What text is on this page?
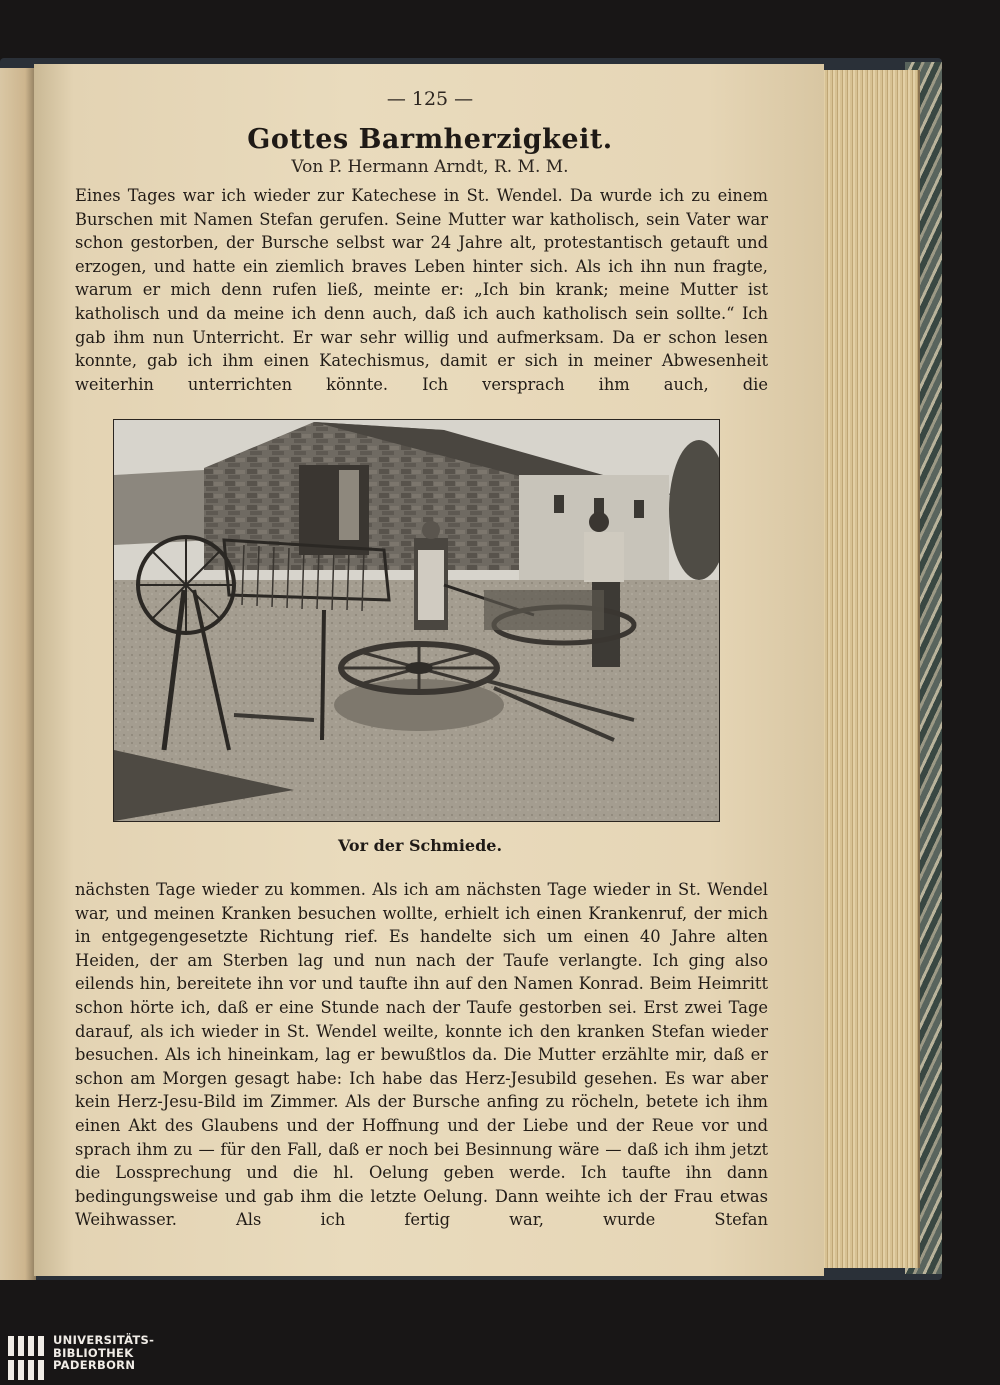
— 125 —
Gottes Barmherzigkeit.
Von P. Hermann Arndt, R. M. M.

Eines Tages war ich wieder zur Katechese in St. Wendel. Da wurde ich zu einem Burschen mit Namen Stefan gerufen. Seine Mutter war katholisch, sein Vater war schon gestorben, der Bursche selbst war 24 Jahre alt, protestantisch getauft und erzogen, und hatte ein ziemlich braves Leben hinter sich. Als ich ihn nun fragte, warum er mich denn rufen ließ, meinte er: „Ich bin krank; meine Mutter ist katholisch und da meine ich denn auch, daß ich auch katholisch sein sollte.“ Ich gab ihm nun Unterricht. Er war sehr willig und aufmerksam. Da er schon lesen konnte, gab ich ihm einen Katechismus, damit er sich in meiner Abwesenheit weiterhin unterrichten könnte. Ich versprach ihm auch, die

Vor der Schmiede.

nächsten Tage wieder zu kommen. Als ich am nächsten Tage wieder in St. Wendel war, und meinen Kranken besuchen wollte, erhielt ich einen Krankenruf, der mich in entgegengesetzte Richtung rief. Es handelte sich um einen 40 Jahre alten Heiden, der am Sterben lag und nun nach der Taufe verlangte. Ich ging also eilends hin, bereitete ihn vor und taufte ihn auf den Namen Konrad. Beim Heimritt schon hörte ich, daß er eine Stunde nach der Taufe gestorben sei. Erst zwei Tage darauf, als ich wieder in St. Wendel weilte, konnte ich den kranken Stefan wieder besuchen. Als ich hineinkam, lag er bewußtlos da. Die Mutter erzählte mir, daß er schon am Morgen gesagt habe: Ich habe das Herz-Jesubild gesehen. Es war aber kein Herz-Jesu-Bild im Zimmer. Als der Bursche anfing zu röcheln, betete ich ihm einen Akt des Glaubens und der Hoffnung und der Liebe und der Reue vor und sprach ihm zu — für den Fall, daß er noch bei Besinnung wäre — daß ich ihm jetzt die Lossprechung und die hl. Oelung geben werde. Ich taufte ihn dann bedingungsweise und gab ihm die letzte Oelung. Dann weihte ich der Frau etwas Weihwasser. Als ich fertig war, wurde Stefan

UNIVERSITÄTS-
BIBLIOTHEK
PADERBORN
